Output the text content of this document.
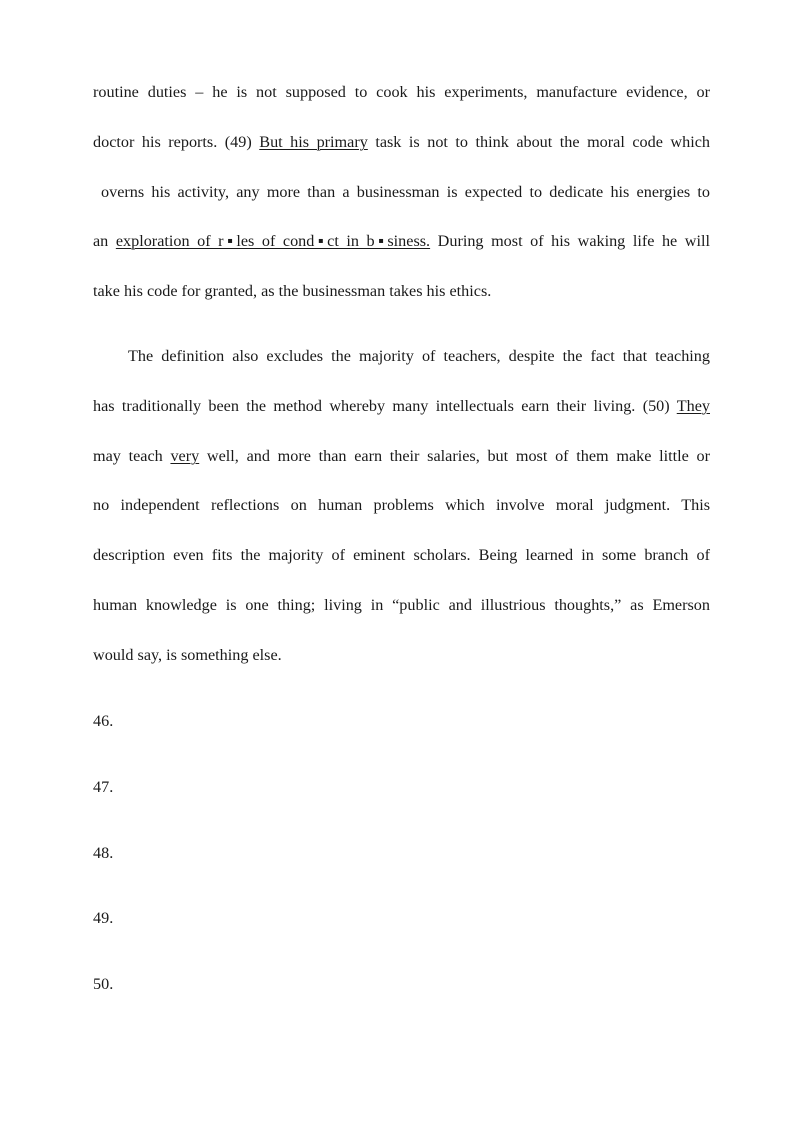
routine duties – he is not supposed to cook his experiments, manufacture evidence, or
doctor his reports. (49) But his primary task is not to think about the moral code which
overns his activity, any more than a businessman is expected to dedicate his energies to
an exploration of r▪les of cond▪ct in b▪siness. During most of his waking life he will
take his code for granted, as the businessman takes his ethics.
The definition also excludes the majority of teachers, despite the fact that teaching
has traditionally been the method whereby many intellectuals earn their living. (50) They
may teach very well, and more than earn their salaries, but most of them make little or
no independent reflections on human problems which involve moral judgment. This
description even fits the majority of eminent scholars. Being learned in some branch of
human knowledge is one thing; living in “public and illustrious thoughts,” as Emerson
would say, is something else.
46.
47.
48.
49.
50.
